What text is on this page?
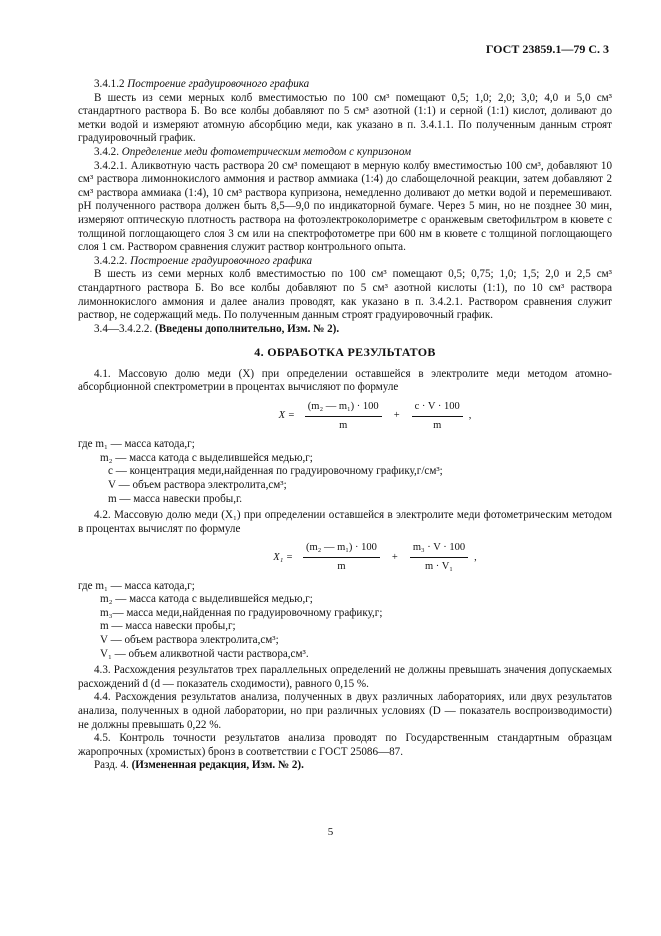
ГОСТ 23859.1—79 С. 3

3.4.1.2 Построение градуировочного графика

В шесть из семи мерных колб вместимостью по 100 см³ помещают 0,5; 1,0; 2,0; 3,0; 4,0 и 5,0 см³ стандартного раствора Б. Во все колбы добавляют по 5 см³ азотной (1:1) и серной (1:1) кислот, доливают до метки водой и измеряют атомную абсорбцию меди, как указано в п. 3.4.1.1. По полученным данным строят градуировочный график.

3.4.2. Определение меди фотометрическим методом с купризоном

3.4.2.1. Аликвотную часть раствора 20 см³ помещают в мерную колбу вместимостью 100 см³, добавляют 10 см³ раствора лимоннокислого аммония и раствор аммиака (1:4) до слабощелочной реакции, затем добавляют 2 см³ раствора аммиака (1:4), 10 см³ раствора купризона, немедленно доливают до метки водой и перемешивают. pH полученного раствора должен быть 8,5—9,0 по индикаторной бумаге. Через 5 мин, но не позднее 30 мин, измеряют оптическую плотность раствора на фотоэлектроколориметре с оранжевым светофильтром в кювете с толщиной поглощающего слоя 3 см или на спектрофотометре при 600 нм в кювете с толщиной поглощающего слоя 1 см. Раствором сравнения служит раствор контрольного опыта.

3.4.2.2. Построение градуировочного графика

В шесть из семи мерных колб вместимостью по 100 см³ помещают 0,5; 0,75; 1,0; 1,5; 2,0 и 2,5 см³ стандартного раствора Б. Во все колбы добавляют по 5 см³ азотной кислоты (1:1), по 10 см³ раствора лимоннокислого аммония и далее анализ проводят, как указано в п. 3.4.2.1. Раствором сравнения служит раствор, не содержащий медь. По полученным данным строят градуировочный график.

3.4—3.4.2.2. (Введены дополнительно, Изм. № 2).

4. ОБРАБОТКА РЕЗУЛЬТАТОВ

4.1. Массовую долю меди (X) при определении оставшейся в электролите меди методом атомно-абсорбционной спектрометрии в процентах вычисляют по формуле

$X = \frac{\text{(m₂ — m₁) · 100}}{m} + \frac{c \cdot V \cdot 100}{m}$ ,
где m₁ — масса катода,г;
m₂ — масса катода с выделившейся медью,г;
c — концентрация меди,найденная по градуировочному графику,г/см³;
V — объем раствора электролита,см³;
m — масса навески пробы,г.

4.2. Массовую долю меди (X₁) при определении оставшейся в электролите меди фотометрическим методом в процентах вычислят по формуле

$X_1 = \frac{\text{(m₂ — m₁) · 100}}{m} + \frac{\text{m₃ · V · 100}}{\text{m · V₁}}$ ,
где m₁ — масса катода,г;
m₂ — масса катода с выделившейся медью,г;
m₃— масса меди,найденная по градуировочному графику,г;
m — масса навески пробы,г;
V — объем раствора электролита,см³;
V₁ — объем аликвотной части раствора,см³.

4.3. Расхождения результатов трех параллельных определений не должны превышать значения допускаемых расхождений d (d — показатель сходимости), равного 0,15 %.

4.4. Расхождения результатов анализа, полученных в двух различных лабораториях, или двух результатов анализа, полученных в одной лаборатории, но при различных условиях (D — показатель воспроизводимости) не должны превышать 0,22 %.

4.5. Контроль точности результатов анализа проводят по Государственным стандартным образцам жаропрочных (хромистых) бронз в соответствии с ГОСТ 25086—87.

Разд. 4. (Измененная редакция, Изм. № 2).

5
